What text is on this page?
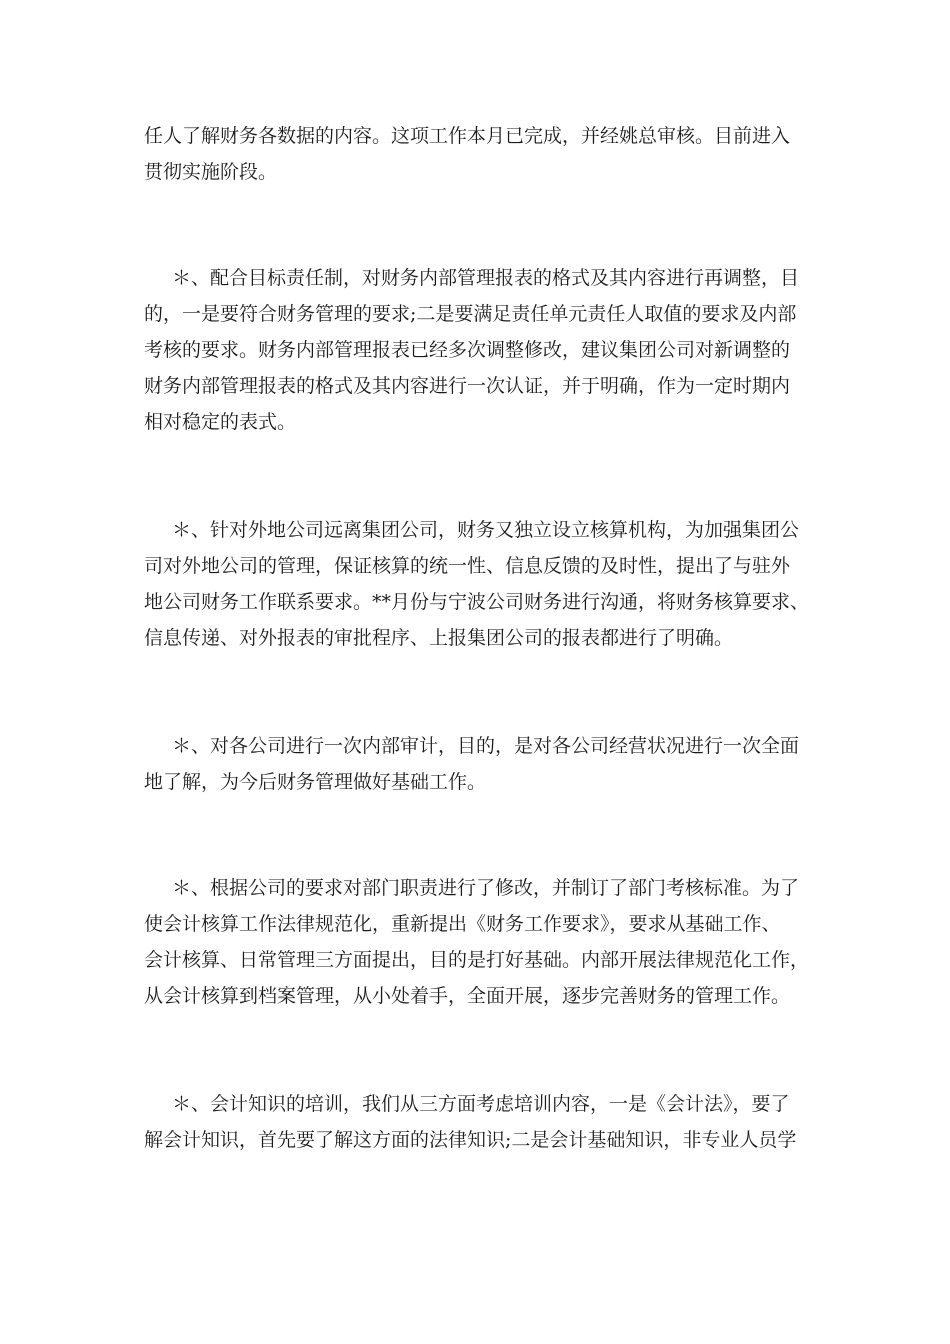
任人了解财务各数据的内容。这项工作本月已完成，并经姚总审核。目前进入
贯彻实施阶段。

＊、配合目标责任制，对财务内部管理报表的格式及其内容进行再调整，目
的，一是要符合财务管理的要求;二是要满足责任单元责任人取值的要求及内部
考核的要求。财务内部管理报表已经多次调整修改，建议集团公司对新调整的
财务内部管理报表的格式及其内容进行一次认证，并于明确，作为一定时期内
相对稳定的表式。

＊、针对外地公司远离集团公司，财务又独立设立核算机构，为加强集团公
司对外地公司的管理，保证核算的统一性、信息反馈的及时性，提出了与驻外
地公司财务工作联系要求。**月份与宁波公司财务进行沟通，将财务核算要求、
信息传递、对外报表的审批程序、上报集团公司的报表都进行了明确。

＊、对各公司进行一次内部审计，目的，是对各公司经营状况进行一次全面
地了解，为今后财务管理做好基础工作。

＊、根据公司的要求对部门职责进行了修改，并制订了部门考核标准。为了
使会计核算工作法律规范化，重新提出《财务工作要求》，要求从基础工作、
会计核算、日常管理三方面提出，目的是打好基础。内部开展法律规范化工作，
从会计核算到档案管理，从小处着手，全面开展，逐步完善财务的管理工作。

＊、会计知识的培训，我们从三方面考虑培训内容，一是《会计法》，要了
解会计知识，首先要了解这方面的法律知识;二是会计基础知识，非专业人员学
